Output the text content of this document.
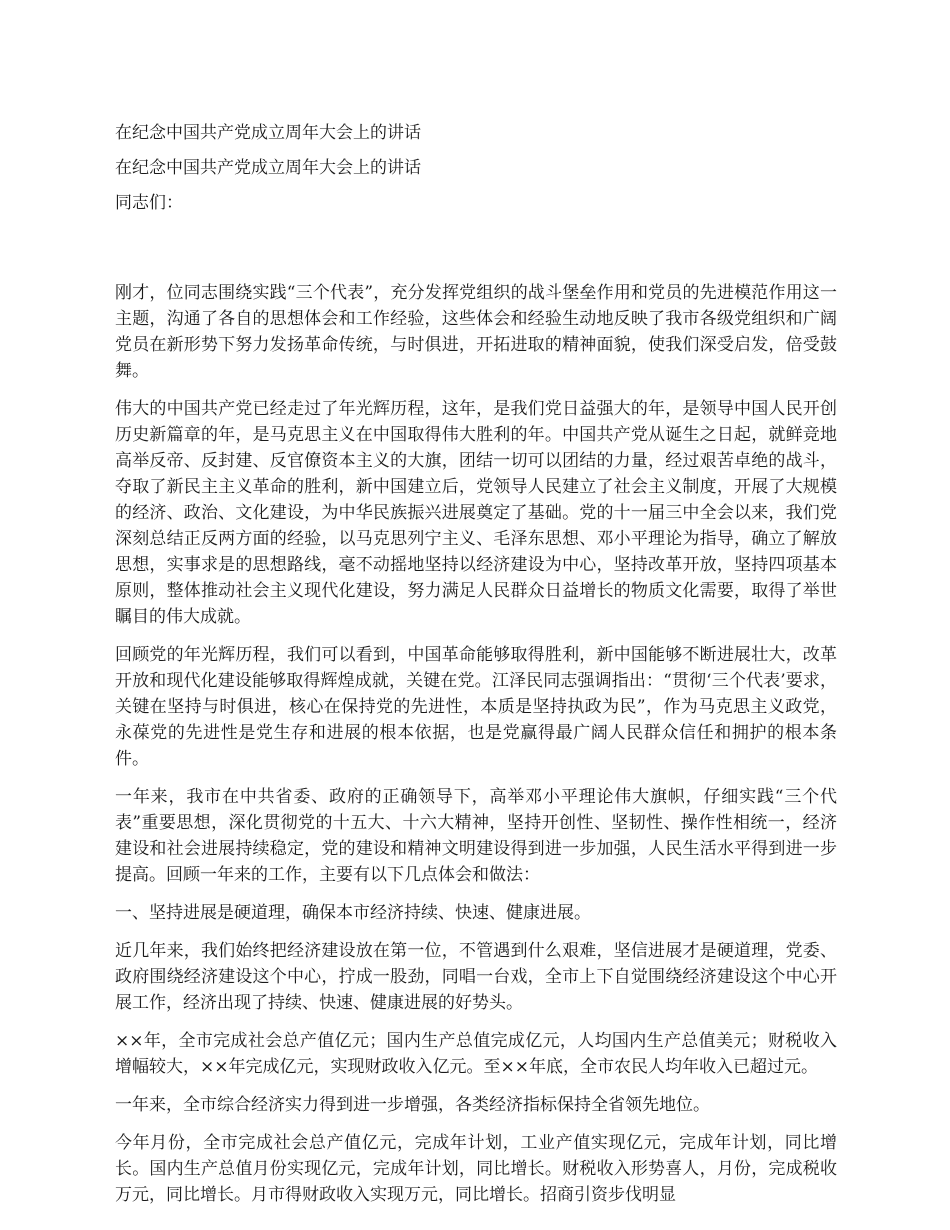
在纪念中国共产党成立周年大会上的讲话

在纪念中国共产党成立周年大会上的讲话

同志们：

刚才，位同志围绕实践“三个代表”，充分发挥党组织的战斗堡垒作用和党员的先进模范作用这一主题，沟通了各自的思想体会和工作经验，这些体会和经验生动地反映了我市各级党组织和广阔党员在新形势下努力发扬革命传统，与时俱进，开拓进取的精神面貌，使我们深受启发，倍受鼓舞。

伟大的中国共产党已经走过了年光辉历程，这年，是我们党日益强大的年，是领导中国人民开创历史新篇章的年，是马克思主义在中国取得伟大胜利的年。中国共产党从诞生之日起，就鲜竞地高举反帝、反封建、反官僚资本主义的大旗，团结一切可以团结的力量，经过艰苦卓绝的战斗，夺取了新民主主义革命的胜利，新中国建立后，党领导人民建立了社会主义制度，开展了大规模的经济、政治、文化建设，为中华民族振兴进展奠定了基础。党的十一届三中全会以来，我们党深刻总结正反两方面的经验，以马克思列宁主义、毛泽东思想、邓小平理论为指导，确立了解放思想，实事求是的思想路线，毫不动摇地坚持以经济建设为中心，坚持改革开放，坚持四项基本原则，整体推动社会主义现代化建设，努力满足人民群众日益增长的物质文化需要，取得了举世瞩目的伟大成就。

回顾党的年光辉历程，我们可以看到，中国革命能够取得胜利，新中国能够不断进展壮大，改革开放和现代化建设能够取得辉煌成就，关键在党。江泽民同志强调指出：“贯彻‘三个代表’要求，关键在坚持与时俱进，核心在保持党的先进性，本质是坚持执政为民”，作为马克思主义政党，永葆党的先进性是党生存和进展的根本依据，也是党赢得最广阔人民群众信任和拥护的根本条件。

一年来，我市在中共省委、政府的正确领导下，高举邓小平理论伟大旗帜，仔细实践“三个代表”重要思想，深化贯彻党的十五大、十六大精神，坚持开创性、坚韧性、操作性相统一，经济建设和社会进展持续稳定，党的建设和精神文明建设得到进一步加强，人民生活水平得到进一步提高。回顾一年来的工作，主要有以下几点体会和做法：

一、坚持进展是硬道理，确保本市经济持续、快速、健康进展。

近几年来，我们始终把经济建设放在第一位，不管遇到什么艰难，坚信进展才是硬道理，党委、政府围绕经济建设这个中心，拧成一股劲，同唱一台戏，全市上下自觉围绕经济建设这个中心开展工作，经济出现了持续、快速、健康进展的好势头。

××年，全市完成社会总产值亿元；国内生产总值完成亿元，人均国内生产总值美元；财税收入增幅较大，××年完成亿元，实现财政收入亿元。至××年底，全市农民人均年收入已超过元。

一年来，全市综合经济实力得到进一步增强，各类经济指标保持全省领先地位。

今年月份，全市完成社会总产值亿元，完成年计划，工业产值实现亿元，完成年计划，同比增长。国内生产总值月份实现亿元，完成年计划，同比增长。财税收入形势喜人，月份，完成税收万元，同比增长。月市得财政收入实现万元，同比增长。招商引资步伐明显
